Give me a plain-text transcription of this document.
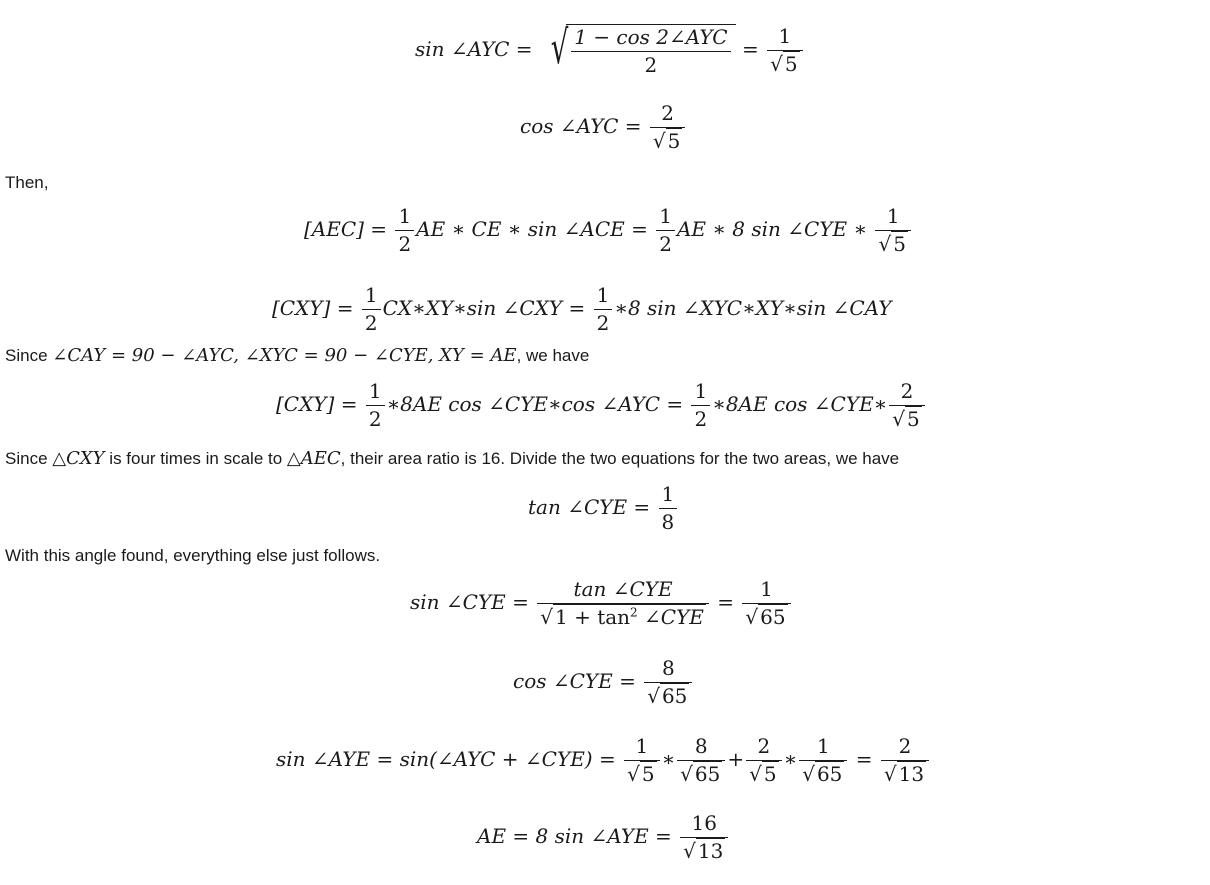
sin ∠AYC = √ $\frac{\text{1 − cos 2∠AYC}}{2} = \frac{1}{√ 5}$
cos ∠AYC = $\frac{2}{√ 5}$
Then,
$[AEC] = \frac{1}{2}$ AE ∗ CE ∗ sin ∠ACE = $\frac{1}{2}$ AE ∗ 8 sin ∠CYE ∗ $\frac{1}{√ 5}$
$[CXY] = \frac{1}{2}$ CX∗XY∗sin ∠CXY = $\frac{1}{2}$ ∗8 sin ∠XYC∗XY∗sin ∠CAY
Since ∠CAY = 90 − ∠AYC, ∠XYC = 90 − ∠CYE, XY = AE, we have
$[CXY] = \frac{1}{2}$ ∗8AE cos ∠CYE∗cos ∠AYC = $\frac{1}{2}$ ∗8AE cos ∠CYE∗ $\frac{2}{√ 5}$
Since △CXY is four times in scale to △AEC, their area ratio is 16. Divide the two equations for the two areas, we have
tan ∠CYE = $\frac{1}{8}$
With this angle found, everything else just follows.
sin ∠CYE = $\frac{\text{tan ∠CYE}}{√ 1 + \tan^2 \angle CYE} = \frac{1}{√ 65}$
cos ∠CYE = $\frac{8}{√ 65}$
sin ∠AYE = sin(∠AYC + ∠CYE) = $\frac{1}{√ 5}$ ∗ $\frac{8}{√ 65} + \frac{2}{√ 5}$ ∗ $\frac{1}{√ 65} = \frac{2}{√ 13}$
AE = 8 sin ∠AYE = $\frac{16}{√ 13}$
